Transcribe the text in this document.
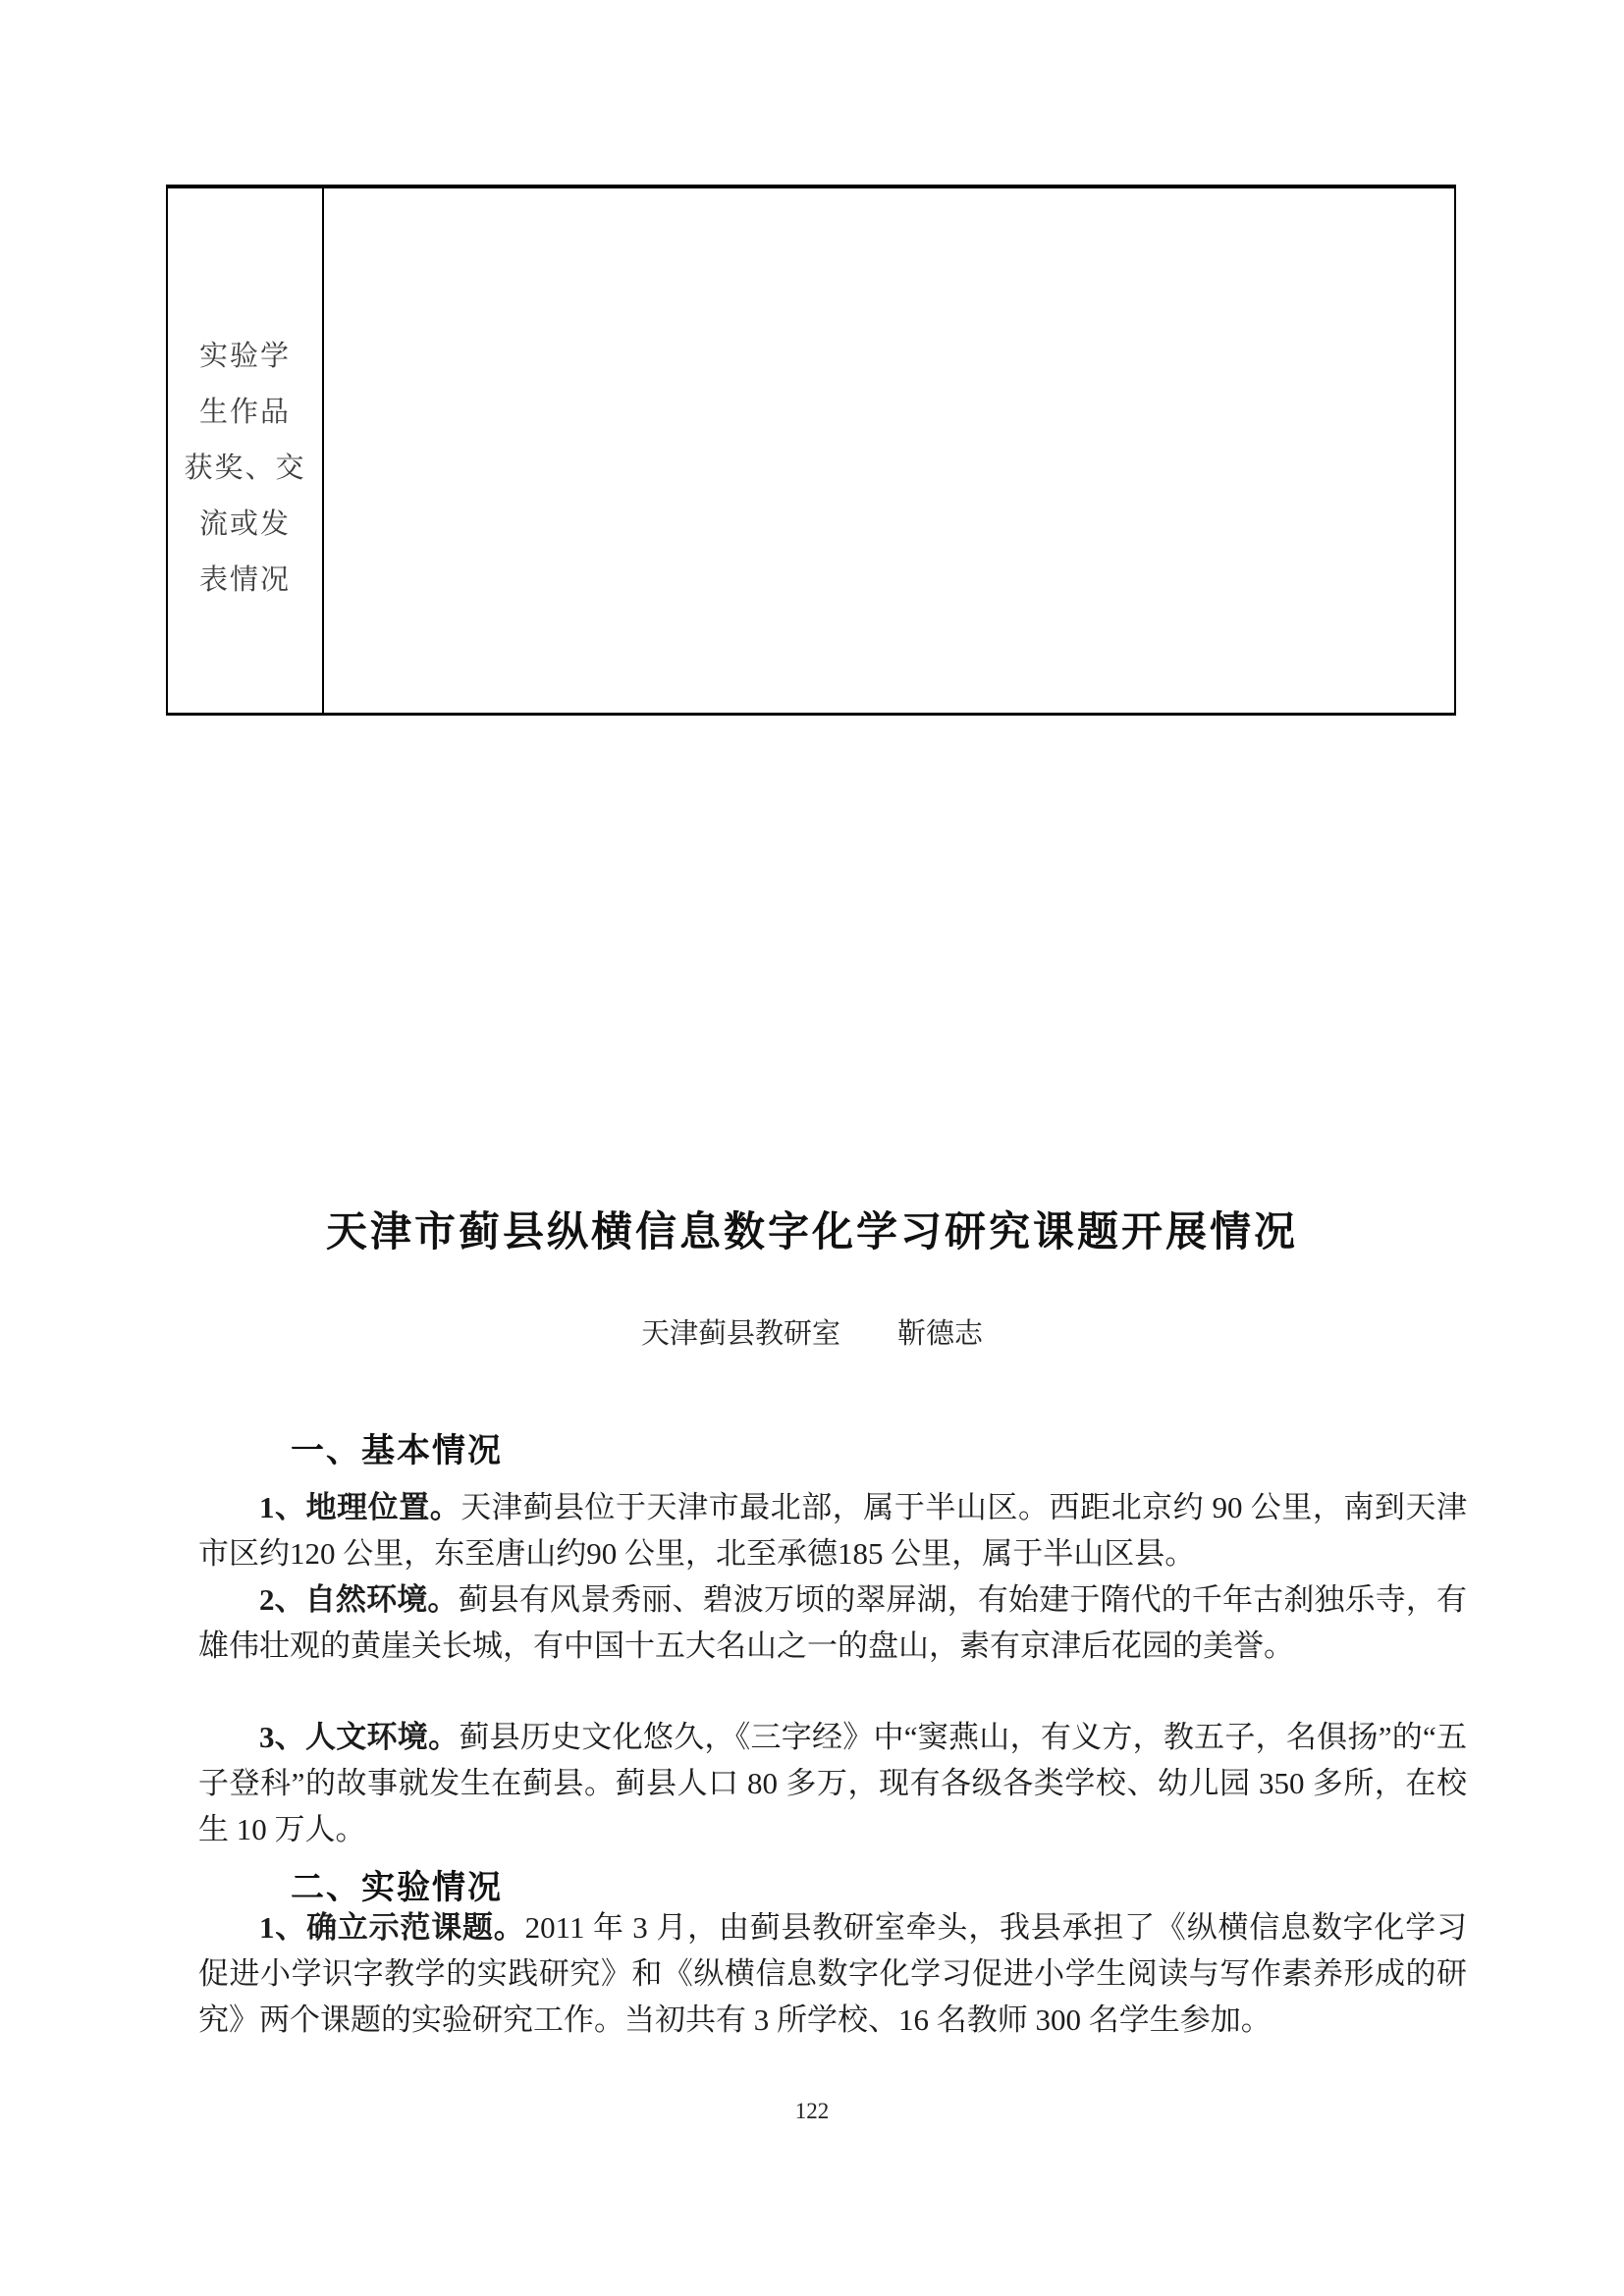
实验学
生作品
获奖、交
流或发
表情况
天津市蓟县纵横信息数字化学习研究课题开展情况
天津蓟县教研室　　靳德志
一、基本情况

1、地理位置。天津蓟县位于天津市最北部，属于半山区。西距北京约 90 公里，南到天津市区约120 公里，东至唐山约90 公里，北至承德185 公里，属于半山区县。

2、自然环境。蓟县有风景秀丽、碧波万顷的翠屏湖，有始建于隋代的千年古刹独乐寺，有雄伟壮观的黄崖关长城，有中国十五大名山之一的盘山，素有京津后花园的美誉。

3、人文环境。蓟县历史文化悠久，《三字经》中“窦燕山，有义方，教五子，名俱扬”的“五子登科”的故事就发生在蓟县。蓟县人口 80 多万，现有各级各类学校、幼儿园 350 多所，在校生 10 万人。

二、实验情况

1、确立示范课题。2011 年 3 月，由蓟县教研室牵头，我县承担了《纵横信息数字化学习促进小学识字教学的实践研究》和《纵横信息数字化学习促进小学生阅读与写作素养形成的研究》两个课题的实验研究工作。当初共有 3 所学校、16 名教师 300 名学生参加。

122
